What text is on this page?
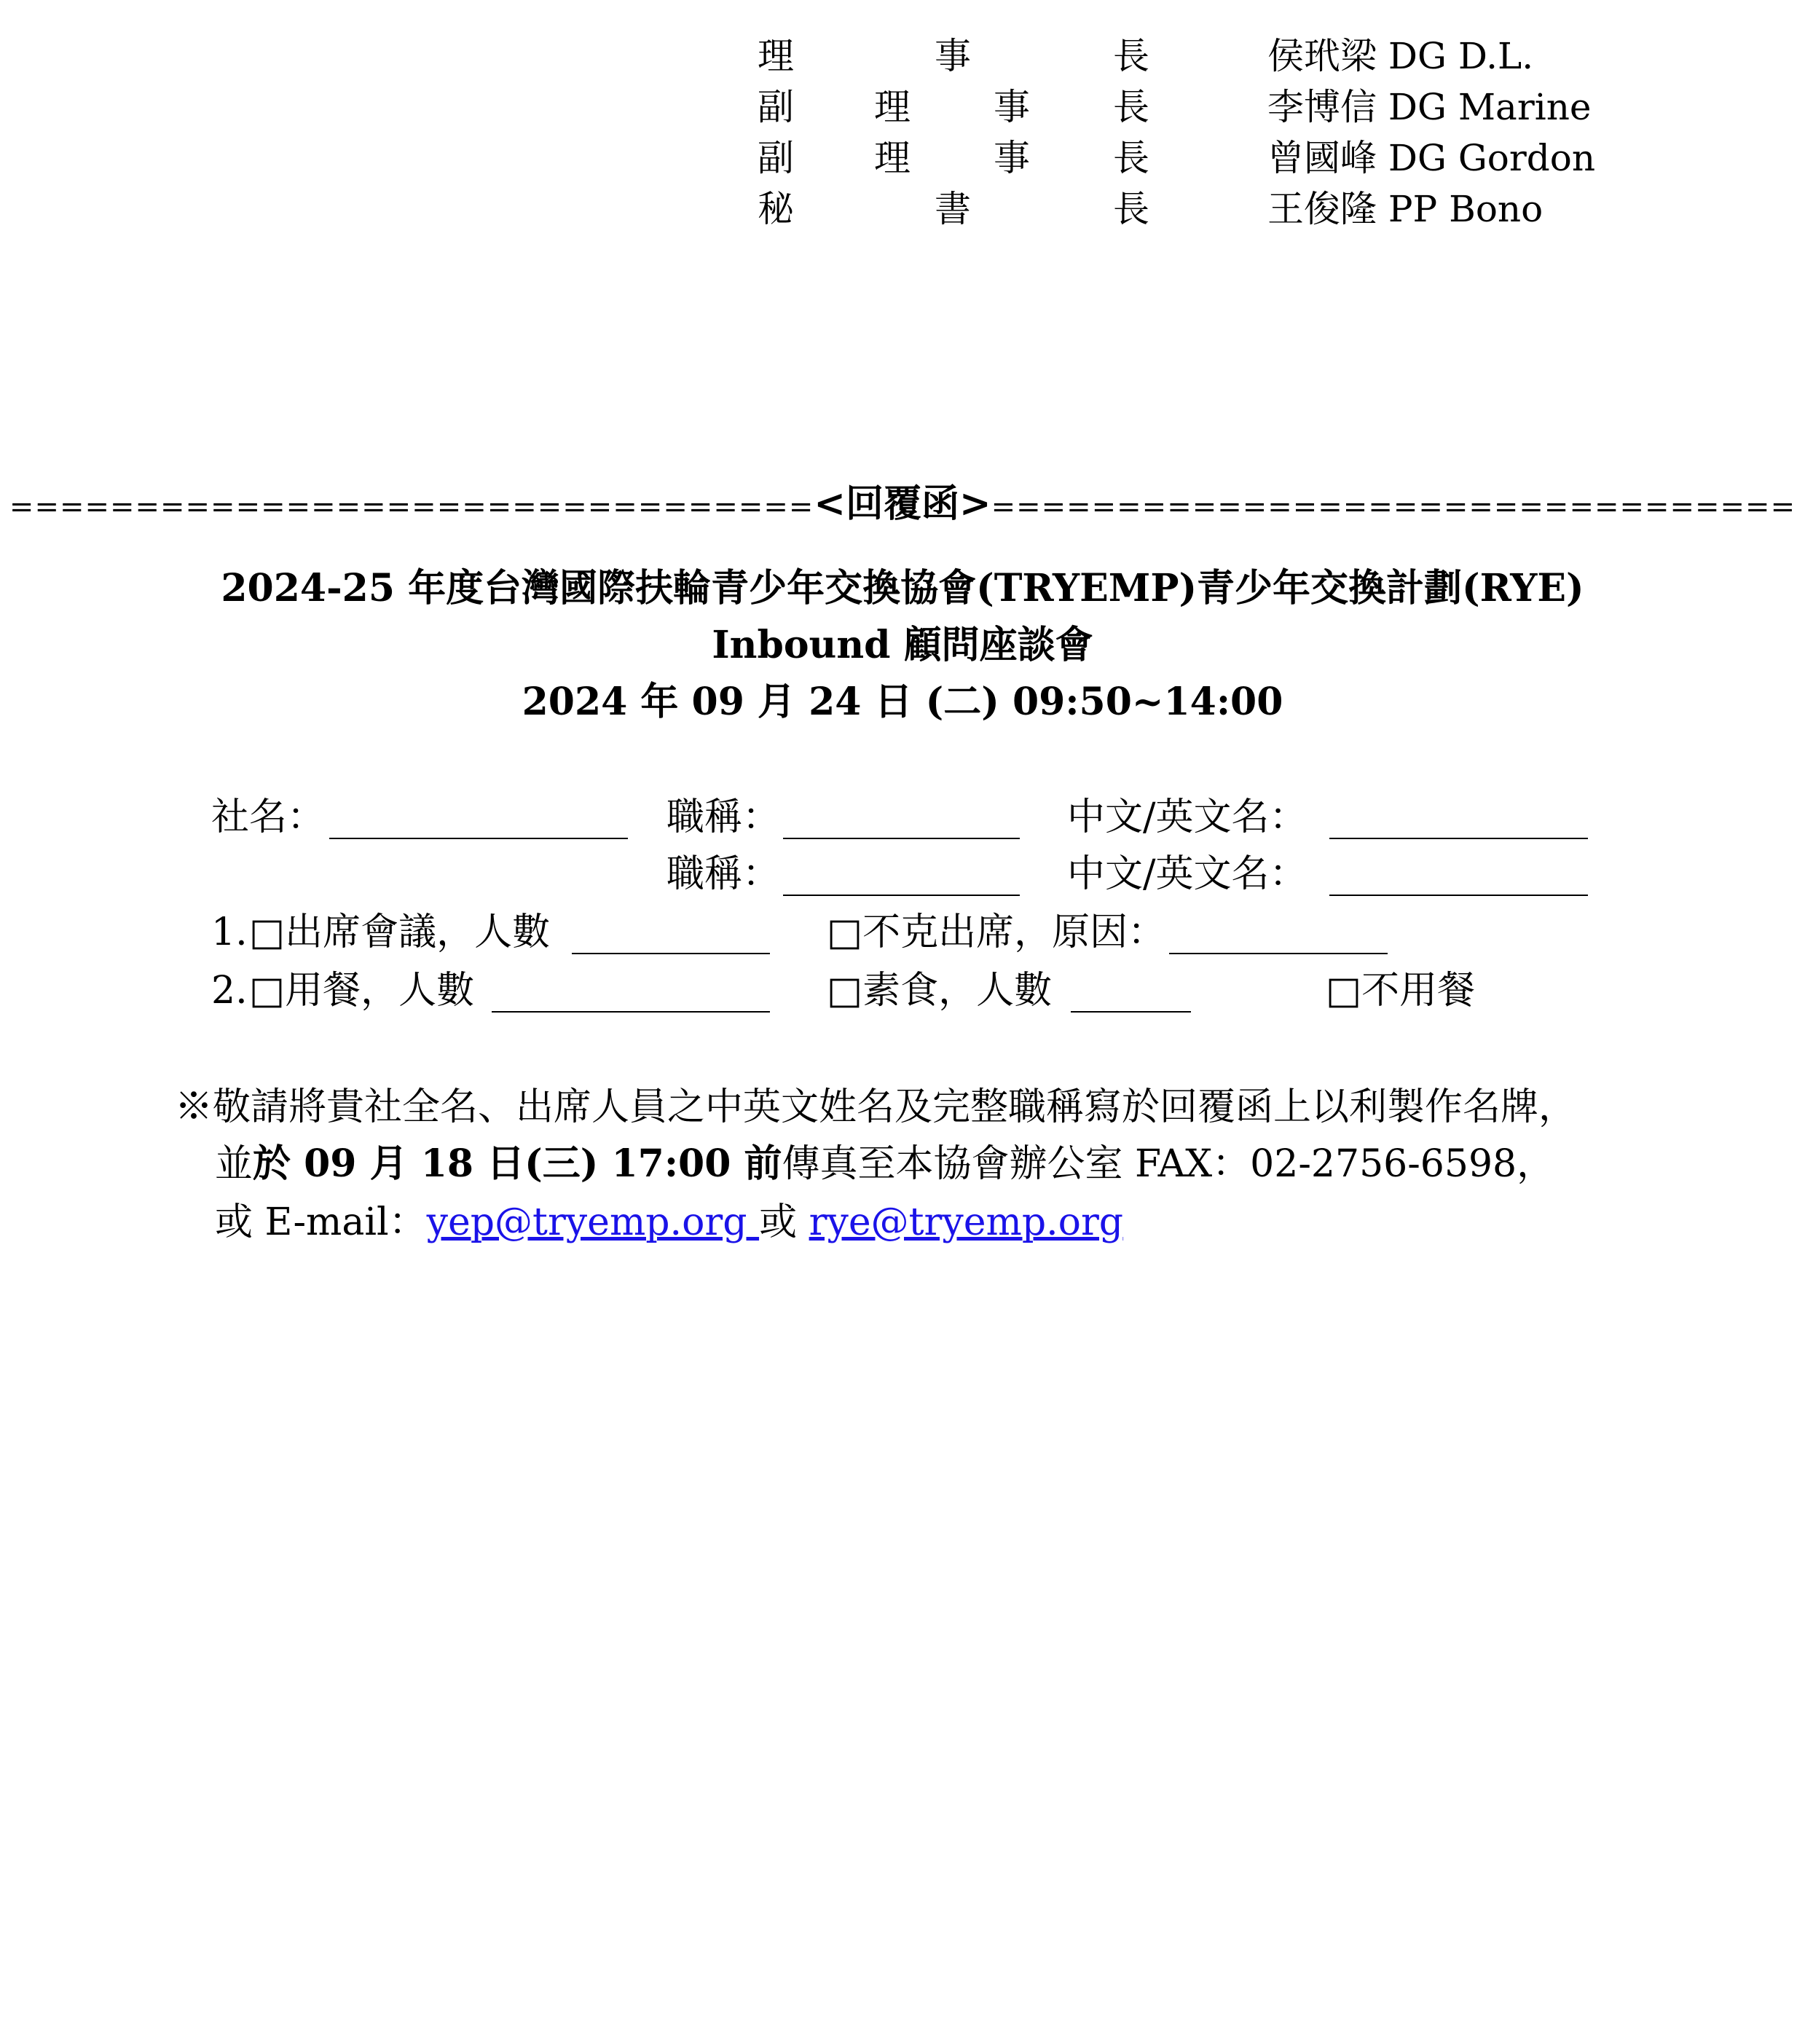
理	事	長	侯玳梁 DG D.L.
副 理 事 長	李博信 DG Marine
副 理 事 長	曾國峰 DG Gordon
秘	書	長	王俊隆 PP Bono
================================<回覆函>================================
2024-25 年度台灣國際扶輪青少年交換協會(TRYEMP)青少年交換計劃(RYE)
Inbound 顧問座談會
2024 年 09 月 24 日 (二) 09:50~14:00
社名：	職稱：	中文/英文名：
職稱：	中文/英文名：
1. □出席會議，人數	□不克出席，原因：
2. □用餐，人數	□素食，人數	□不用餐
※敬請將貴社全名、出席人員之中英文姓名及完整職稱寫於回覆函上以利製作名牌，
並於 09 月 18 日(三) 17:00 前傳真至本協會辦公室 FAX：02-2756-6598，
或 E-mail：yep@tryemp.org 或 rye@tryemp.org
